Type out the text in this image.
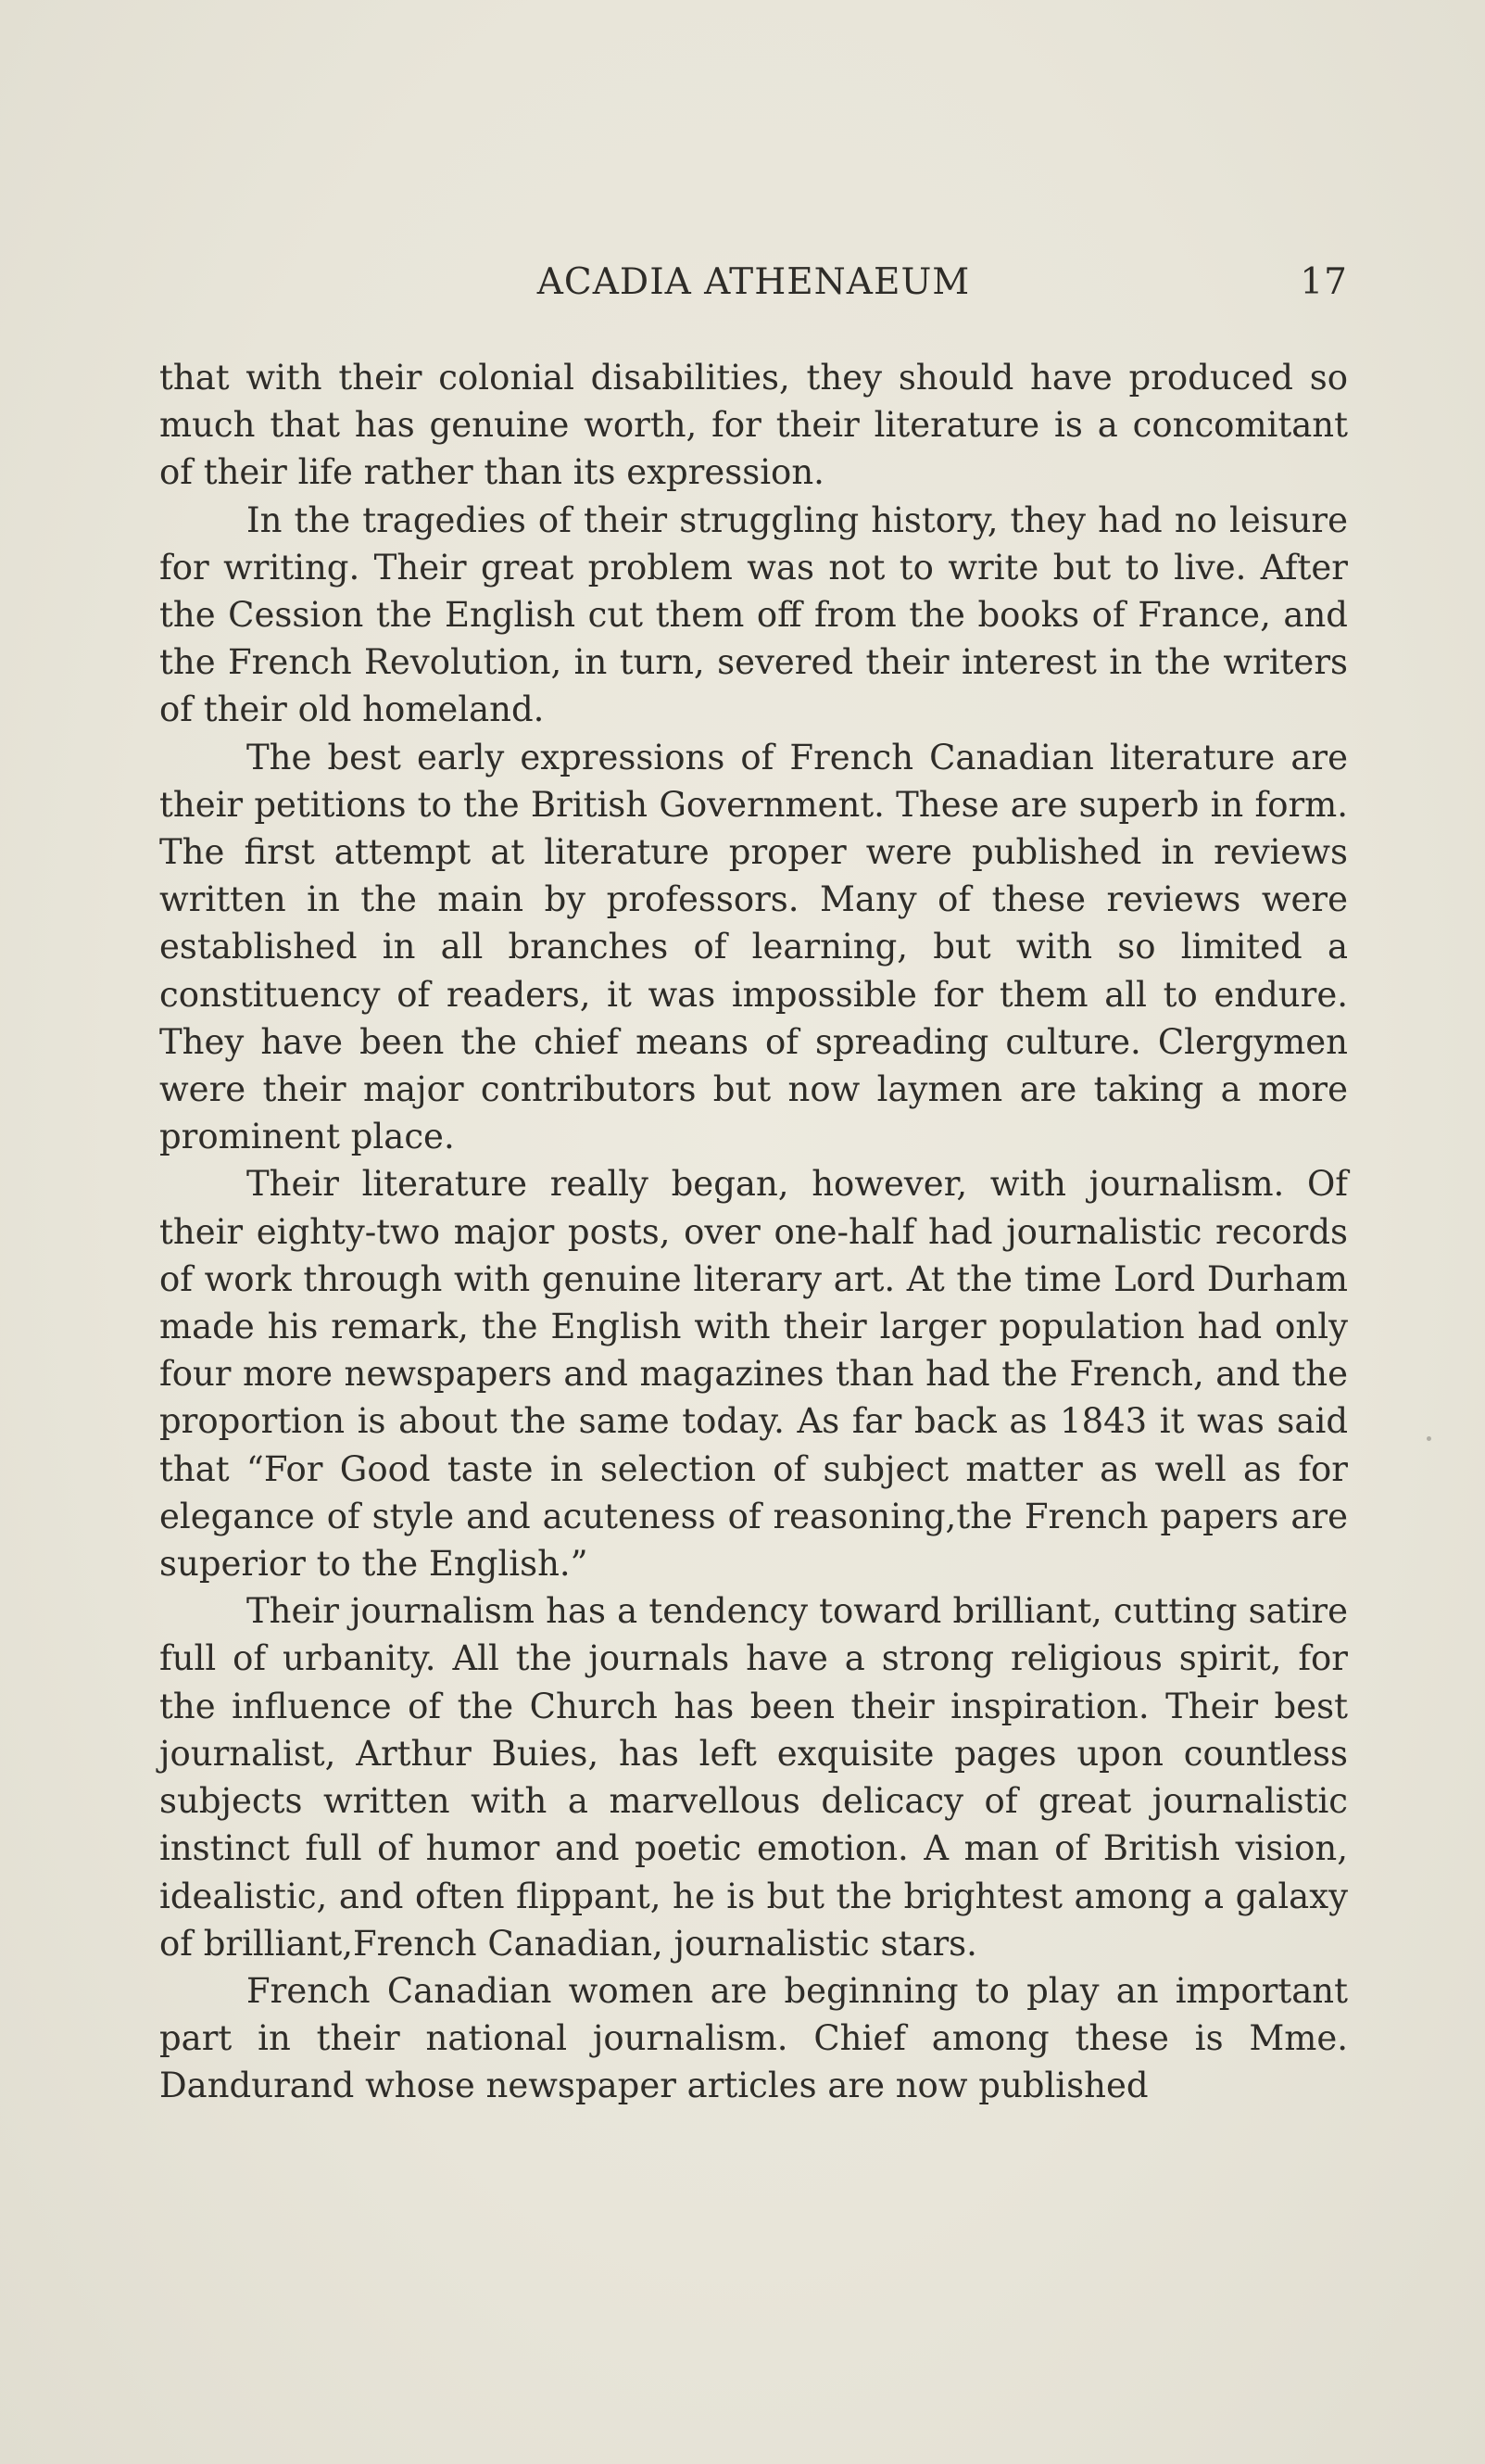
ACADIA ATHENAEUM	17

that with their colonial disabilities, they should have produced so much that has genuine worth, for their literature is a concomitant of their life rather than its expression.

In the tragedies of their struggling history, they had no leisure for writing. Their great problem was not to write but to live. After the Cession the English cut them off from the books of France, and the French Revolution, in turn, severed their interest in the writers of their old homeland.

The best early expressions of French Canadian literature are their petitions to the British Government. These are superb in form. The first attempt at literature proper were published in reviews written in the main by professors. Many of these reviews were established in all branches of learning, but with so limited a constituency of readers, it was impossible for them all to endure. They have been the chief means of spreading culture. Clergymen were their major contributors but now laymen are taking a more prominent place.

Their literature really began, however, with journalism. Of their eighty-two major posts, over one-half had journalistic records of work through with genuine literary art. At the time Lord Durham made his remark, the English with their larger population had only four more newspapers and magazines than had the French, and the proportion is about the same today. As far back as 1843 it was said that “For Good taste in selection of subject matter as well as for elegance of style and acuteness of reasoning,the French papers are superior to the English.”

Their journalism has a tendency toward brilliant, cutting satire full of urbanity. All the journals have a strong religious spirit, for the influence of the Church has been their inspiration. Their best journalist, Arthur Buies, has left exquisite pages upon countless subjects written with a marvellous delicacy of great journalistic instinct full of humor and poetic emotion. A man of British vision, idealistic, and often flippant, he is but the brightest among a galaxy of brilliant,French Canadian, journalistic stars.

French Canadian women are beginning to play an important part in their national journalism. Chief among these is Mme. Dandurand whose newspaper articles are now published
